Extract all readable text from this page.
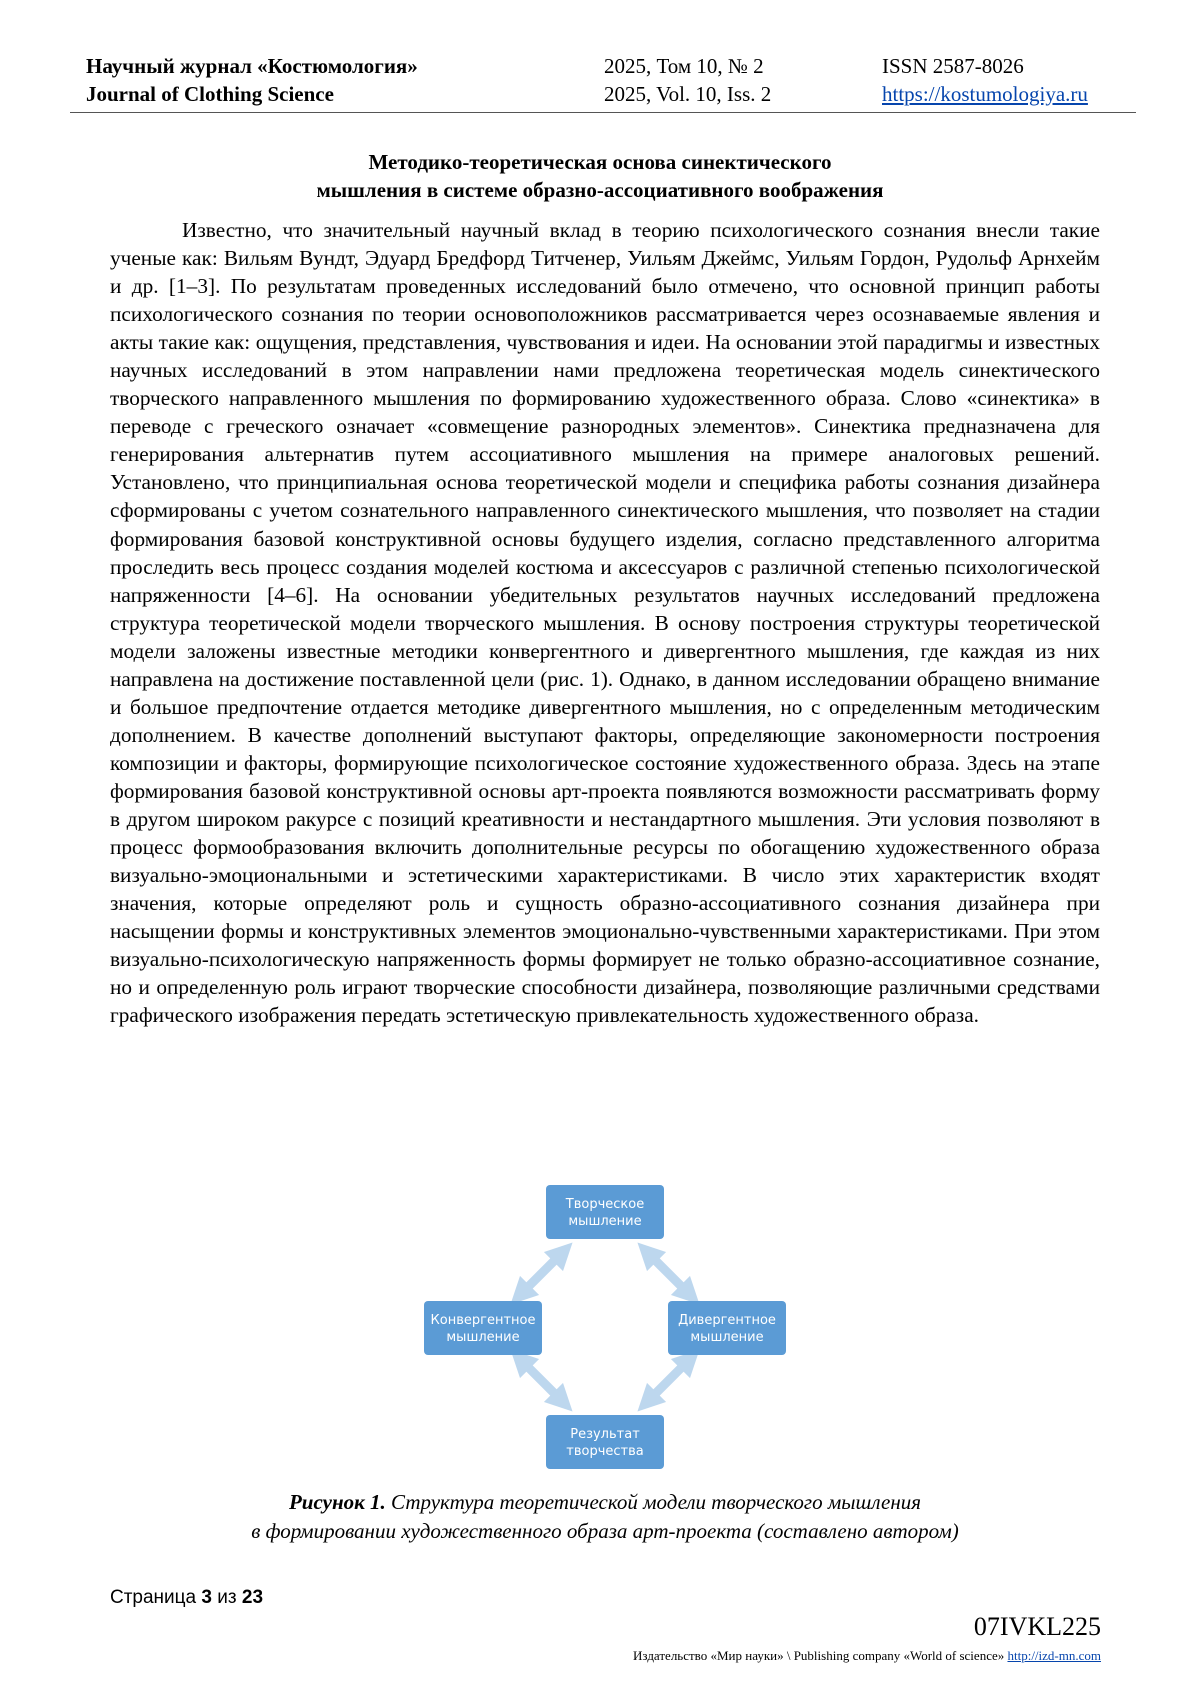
Научный журнал «Костюмология»
Journal of Clothing Science
2025, Том 10, № 2
2025, Vol. 10, Iss. 2
ISSN 2587-8026
https://kostumologiya.ru
Методико-теоретическая основа синектического
мышления в системе образно-ассоциативного воображения

Известно, что значительный научный вклад в теорию психологического сознания внесли такие ученые как: Вильям Вундт, Эдуард Бредфорд Титченер, Уильям Джеймс, Уильям Гордон, Рудольф Арнхейм и др. [1–3]. По результатам проведенных исследований было отмечено, что основной принцип работы психологического сознания по теории основоположников рассматривается через осознаваемые явления и акты такие как: ощущения, представления, чувствования и идеи. На основании этой парадигмы и известных научных исследований в этом направлении нами предложена теоретическая модель синектического творческого направленного мышления по формированию художественного образа. Слово «синектика» в переводе с греческого означает «совмещение разнородных элементов». Синектика предназначена для генерирования альтернатив путем ассоциативного мышления на примере аналоговых решений. Установлено, что принципиальная основа теоретической модели и специфика работы сознания дизайнера сформированы с учетом сознательного направленного синектического мышления, что позволяет на стадии формирования базовой конструктивной основы будущего изделия, согласно представленного алгоритма проследить весь процесс создания моделей костюма и аксессуаров с различной степенью психологической напряженности [4–6]. На основании убедительных результатов научных исследований предложена структура теоретической модели творческого мышления. В основу построения структуры теоретической модели заложены известные методики конвергентного и дивергентного мышления, где каждая из них направлена на достижение поставленной цели (рис. 1). Однако, в данном исследовании обращено внимание и большое предпочтение отдается методике дивергентного мышления, но с определенным методическим дополнением. В качестве дополнений выступают факторы, определяющие закономерности построения композиции и факторы, формирующие психологическое состояние художественного образа. Здесь на этапе формирования базовой конструктивной основы арт-проекта появляются возможности рассматривать форму в другом широком ракурсе с позиций креативности и нестандартного мышления. Эти условия позволяют в процесс формообразования включить дополнительные ресурсы по обогащению художественного образа визуально-эмоциональными и эстетическими характеристиками. В число этих характеристик входят значения, которые определяют роль и сущность образно-ассоциативного сознания дизайнера при насыщении формы и конструктивных элементов эмоционально-чувственными характеристиками. При этом визуально-психологическую напряженность формы формирует не только образно-ассоциативное сознание, но и определенную роль играют творческие способности дизайнера, позволяющие различными средствами графического изображения передать эстетическую привлекательность художественного образа.

Творческое
мышление
Конвергентное
мышление
Дивергентное
мышление
Результат
творчества
Рисунок 1. Структура теоретической модели творческого мышления
в формировании художественного образа арт-проекта (составлено автором)
Страница 3 из 23
07IVKL225
Издательство «Мир науки» \ Publishing company «World of science» http://izd-mn.com
